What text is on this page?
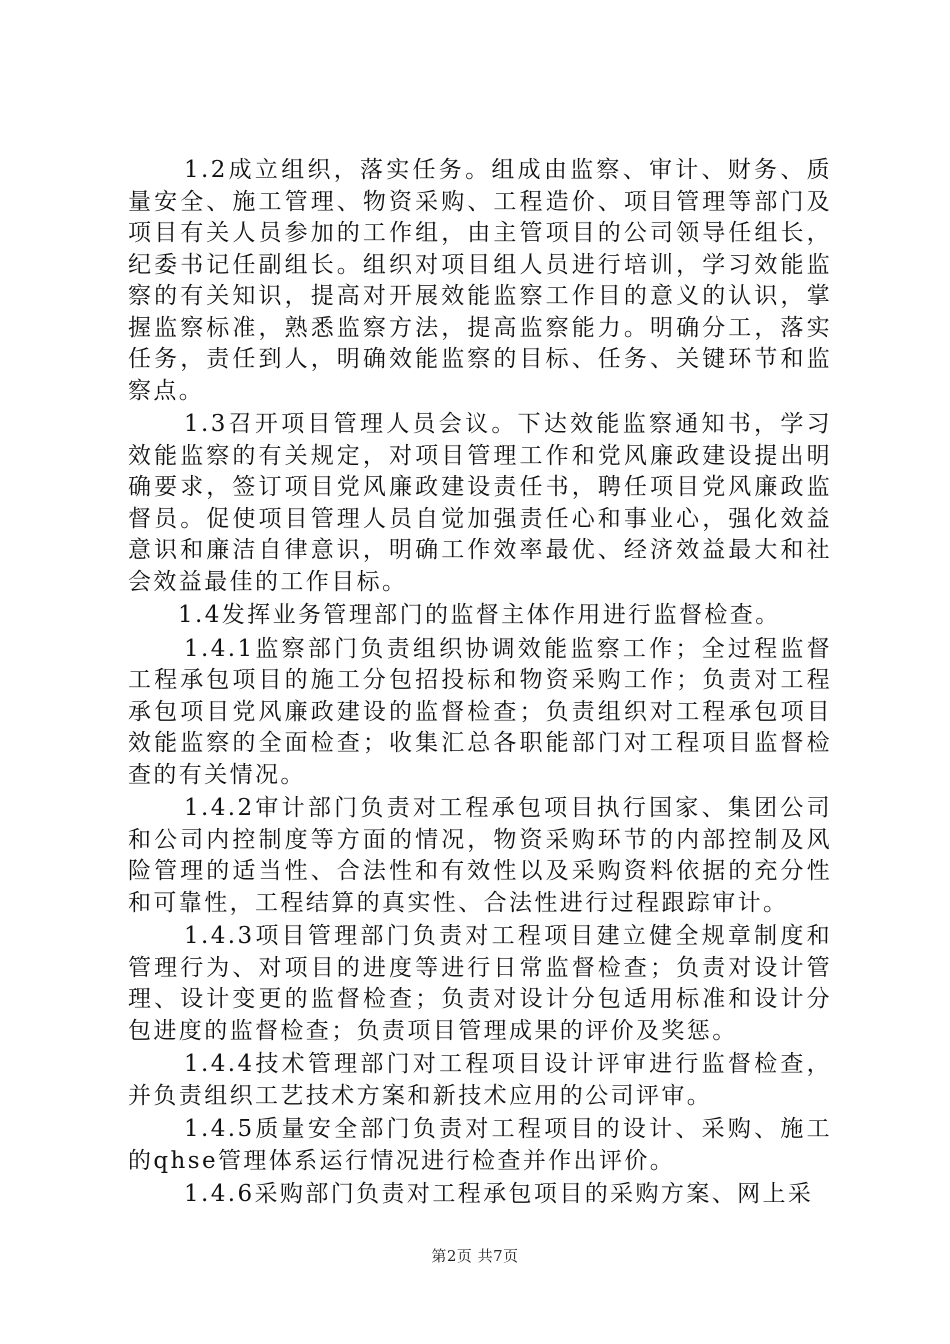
1.2成立组织，落实任务。组成由监察、审计、财务、质量安全、施工管理、物资采购、工程造价、项目管理等部门及项目有关人员参加的工作组，由主管项目的公司领导任组长，纪委书记任副组长。组织对项目组人员进行培训，学习效能监察的有关知识，提高对开展效能监察工作目的意义的认识，掌握监察标准，熟悉监察方法，提高监察能力。明确分工，落实任务，责任到人，明确效能监察的目标、任务、关键环节和监察点。

1.3召开项目管理人员会议。下达效能监察通知书，学习效能监察的有关规定，对项目管理工作和党风廉政建设提出明确要求，签订项目党风廉政建设责任书，聘任项目党风廉政监督员。促使项目管理人员自觉加强责任心和事业心，强化效益意识和廉洁自律意识，明确工作效率最优、经济效益最大和社会效益最佳的工作目标。

1.4发挥业务管理部门的监督主体作用进行监督检查。

1.4.1监察部门负责组织协调效能监察工作；全过程监督工程承包项目的施工分包招投标和物资采购工作；负责对工程承包项目党风廉政建设的监督检查；负责组织对工程承包项目效能监察的全面检查；收集汇总各职能部门对工程项目监督检查的有关情况。

1.4.2审计部门负责对工程承包项目执行国家、集团公司和公司内控制度等方面的情况，物资采购环节的内部控制及风险管理的适当性、合法性和有效性以及采购资料依据的充分性和可靠性，工程结算的真实性、合法性进行过程跟踪审计。

1.4.3项目管理部门负责对工程项目建立健全规章制度和管理行为、对项目的进度等进行日常监督检查；负责对设计管理、设计变更的监督检查；负责对设计分包适用标准和设计分包进度的监督检查；负责项目管理成果的评价及奖惩。

1.4.4技术管理部门对工程项目设计评审进行监督检查，并负责组织工艺技术方案和新技术应用的公司评审。

1.4.5质量安全部门负责对工程项目的设计、采购、施工的qhse管理体系运行情况进行检查并作出评价。

1.4.6采购部门负责对工程承包项目的采购方案、网上采

第2页 共7页
